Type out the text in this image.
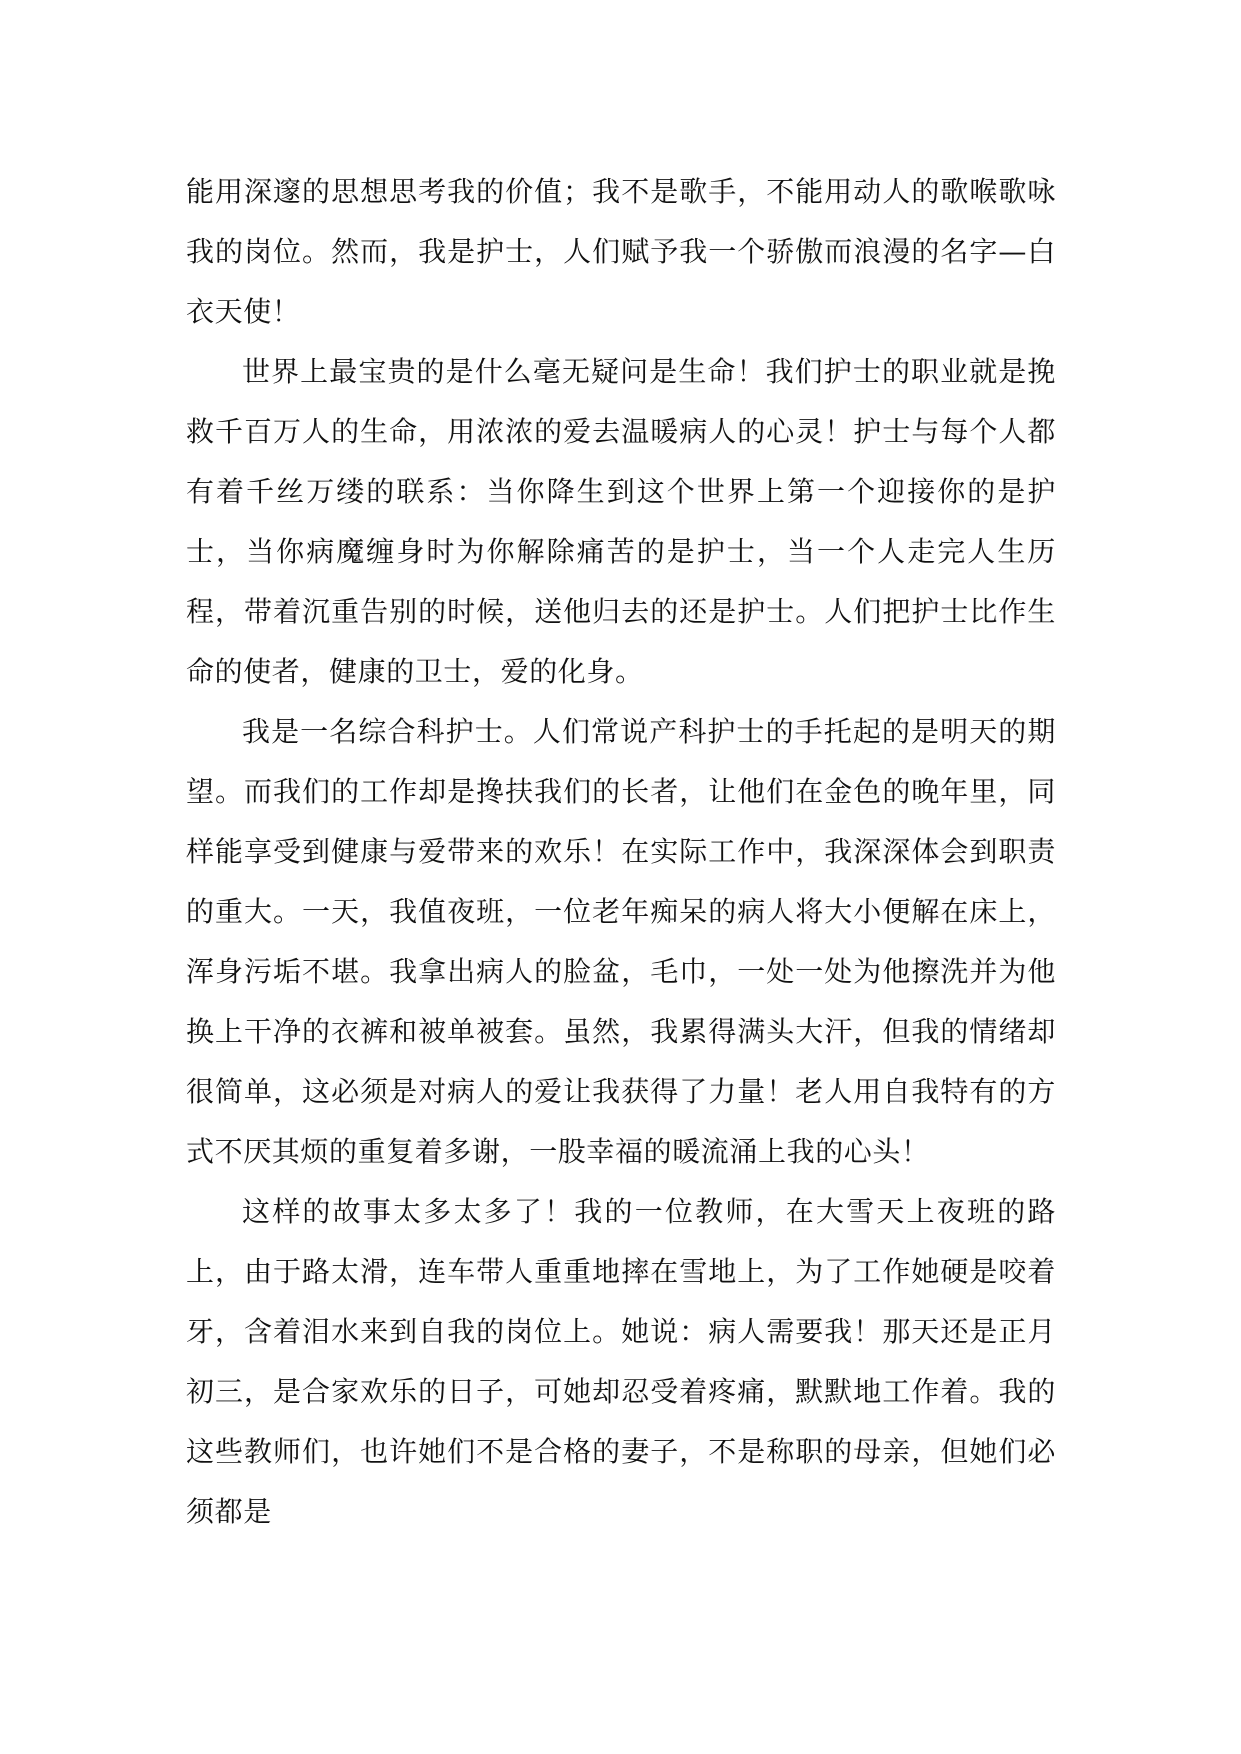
能用深邃的思想思考我的价值；我不是歌手，不能用动人的歌喉歌咏我的岗位。然而，我是护士，人们赋予我一个骄傲而浪漫的名字—白衣天使！

世界上最宝贵的是什么毫无疑问是生命！我们护士的职业就是挽救千百万人的生命，用浓浓的爱去温暖病人的心灵！护士与每个人都有着千丝万缕的联系：当你降生到这个世界上第一个迎接你的是护士，当你病魔缠身时为你解除痛苦的是护士，当一个人走完人生历程，带着沉重告别的时候，送他归去的还是护士。人们把护士比作生命的使者，健康的卫士，爱的化身。

我是一名综合科护士。人们常说产科护士的手托起的是明天的期望。而我们的工作却是搀扶我们的长者，让他们在金色的晚年里，同样能享受到健康与爱带来的欢乐！在实际工作中，我深深体会到职责的重大。一天，我值夜班，一位老年痴呆的病人将大小便解在床上，浑身污垢不堪。我拿出病人的脸盆，毛巾，一处一处为他擦洗并为他换上干净的衣裤和被单被套。虽然，我累得满头大汗，但我的情绪却很简单，这必须是对病人的爱让我获得了力量！老人用自我特有的方式不厌其烦的重复着多谢，一股幸福的暖流涌上我的心头！

这样的故事太多太多了！我的一位教师，在大雪天上夜班的路上，由于路太滑，连车带人重重地摔在雪地上，为了工作她硬是咬着牙，含着泪水来到自我的岗位上。她说：病人需要我！那天还是正月初三，是合家欢乐的日子，可她却忍受着疼痛，默默地工作着。我的这些教师们，也许她们不是合格的妻子，不是称职的母亲，但她们必须都是
